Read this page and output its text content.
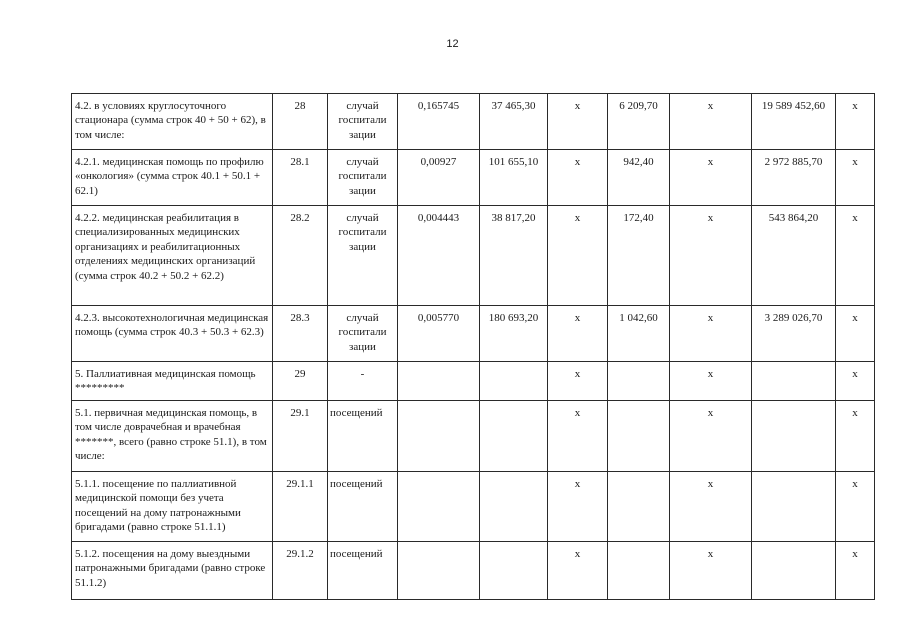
12
4.2. в условиях круглосуточного стационара (сумма строк 40 + 50 + 62), в том числе:	28	случай госпитали зации	0,165745	37 465,30	х	6 209,70	х	19 589 452,60	х
4.2.1. медицинская помощь по профилю «онкология» (сумма строк 40.1 + 50.1 + 62.1)	28.1	случай госпитали зации	0,00927	101 655,10	х	942,40	х	2 972 885,70	х
4.2.2. медицинская реабилитация в специализированных медицинских организациях и реабилитационных отделениях медицинских организаций (сумма строк 40.2 + 50.2 + 62.2)	28.2	случай госпитали зации	0,004443	38 817,20	х	172,40	х	543 864,20	х
4.2.3. высокотехнологичная медицинская помощь (сумма строк 40.3 + 50.3 + 62.3)	28.3	случай госпитали зации	0,005770	180 693,20	х	1 042,60	х	3 289 026,70	х
5. Паллиативная медицинская помощь *********	29	-			х		х		х
5.1. первичная медицинская помощь, в том числе доврачебная и врачебная *******, всего (равно строке 51.1), в том числе:	29.1	посещений			х		х		х
5.1.1. посещение по паллиативной медицинской помощи без учета посещений на дому патронажными бригадами (равно строке 51.1.1)	29.1.1	посещений			х		х		х
5.1.2. посещения на дому выездными патронажными бригадами (равно строке 51.1.2)	29.1.2	посещений			х		х		х
